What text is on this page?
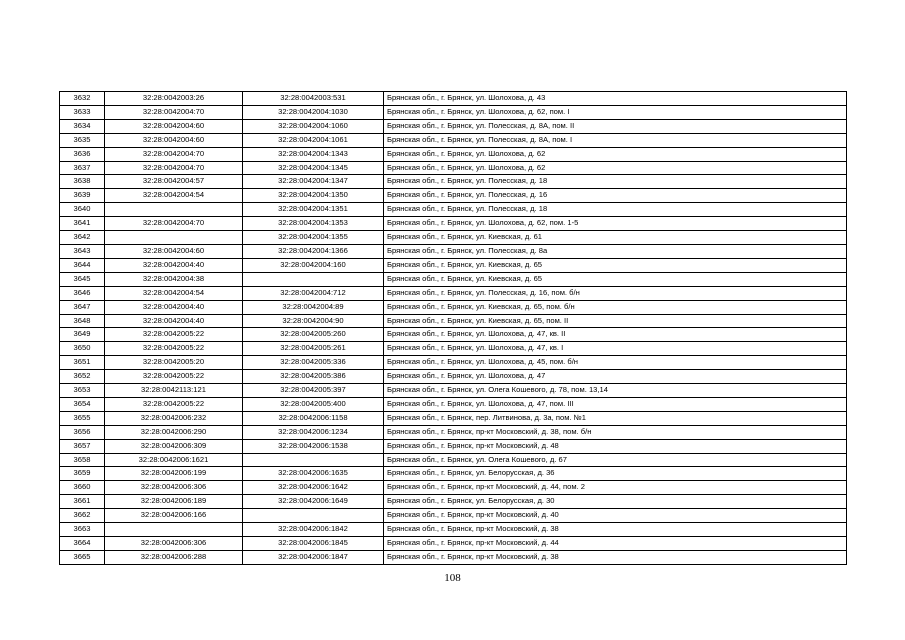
3632	32:28:0042003:26	32:28:0042003:531	Брянская обл., г. Брянск, ул. Шолохова, д. 43
3633	32:28:0042004:70	32:28:0042004:1030	Брянская обл., г. Брянск, ул. Шолохова, д. 62, пом. I
3634	32:28:0042004:60	32:28:0042004:1060	Брянская обл., г. Брянск, ул. Полесская, д. 8А, пом. II
3635	32:28:0042004:60	32:28:0042004:1061	Брянская обл., г. Брянск, ул. Полесская, д. 8А, пом. I
3636	32:28:0042004:70	32:28:0042004:1343	Брянская обл., г. Брянск, ул. Шолохова, д. 62
3637	32:28:0042004:70	32:28:0042004:1345	Брянская обл., г. Брянск, ул. Шолохова, д. 62
3638	32:28:0042004:57	32:28:0042004:1347	Брянская обл., г. Брянск, ул. Полесская, д. 18
3639	32:28:0042004:54	32:28:0042004:1350	Брянская обл., г. Брянск, ул. Полесская, д. 16
3640		32:28:0042004:1351	Брянская обл., г. Брянск, ул. Полесская, д. 18
3641	32:28:0042004:70	32:28:0042004:1353	Брянская обл., г. Брянск, ул. Шолохова, д. 62, пом. 1-5
3642		32:28:0042004:1355	Брянская обл., г. Брянск, ул. Киевская, д. 61
3643	32:28:0042004:60	32:28:0042004:1366	Брянская обл., г. Брянск, ул. Полесская, д. 8а
3644	32:28:0042004:40	32:28:0042004:160	Брянская обл., г. Брянск, ул. Киевская, д. 65
3645	32:28:0042004:38		Брянская обл., г. Брянск, ул. Киевская, д. 65
3646	32:28:0042004:54	32:28:0042004:712	Брянская обл., г. Брянск, ул. Полесская, д. 16, пом. б/н
3647	32:28:0042004:40	32:28:0042004:89	Брянская обл., г. Брянск, ул. Киевская, д. 65, пом. б/н
3648	32:28:0042004:40	32:28:0042004:90	Брянская обл., г. Брянск, ул. Киевская, д. 65, пом. II
3649	32:28:0042005:22	32:28:0042005:260	Брянская обл., г. Брянск, ул. Шолохова, д. 47, кв. II
3650	32:28:0042005:22	32:28:0042005:261	Брянская обл., г. Брянск, ул. Шолохова, д. 47, кв. I
3651	32:28:0042005:20	32:28:0042005:336	Брянская обл., г. Брянск, ул. Шолохова, д. 45, пом. б/н
3652	32:28:0042005:22	32:28:0042005:386	Брянская обл., г. Брянск, ул. Шолохова, д. 47
3653	32:28:0042113:121	32:28:0042005:397	Брянская обл., г. Брянск, ул. Олега Кошевого, д. 78, пом. 13,14
3654	32:28:0042005:22	32:28:0042005:400	Брянская обл., г. Брянск, ул. Шолохова, д. 47, пом. III
3655	32:28:0042006:232	32:28:0042006:1158	Брянская обл., г. Брянск, пер. Литвинова, д. 3а, пом. №1
3656	32:28:0042006:290	32:28:0042006:1234	Брянская обл., г. Брянск, пр-кт Московский, д. 38, пом. б/н
3657	32:28:0042006:309	32:28:0042006:1538	Брянская обл., г. Брянск, пр-кт Московский, д. 48
3658	32:28:0042006:1621		Брянская обл., г. Брянск, ул. Олега Кошевого, д. 67
3659	32:28:0042006:199	32:28:0042006:1635	Брянская обл., г. Брянск, ул. Белорусская, д. 36
3660	32:28:0042006:306	32:28:0042006:1642	Брянская обл., г. Брянск, пр-кт Московский, д. 44, пом. 2
3661	32:28:0042006:189	32:28:0042006:1649	Брянская обл., г. Брянск, ул. Белорусская, д. 30
3662	32:28:0042006:166		Брянская обл., г. Брянск, пр-кт Московский, д. 40
3663		32:28:0042006:1842	Брянская обл., г. Брянск, пр-кт Московский, д. 38
3664	32:28:0042006:306	32:28:0042006:1845	Брянская обл., г. Брянск, пр-кт Московский, д. 44
3665	32:28:0042006:288	32:28:0042006:1847	Брянская обл., г. Брянск, пр-кт Московский, д. 38
108
